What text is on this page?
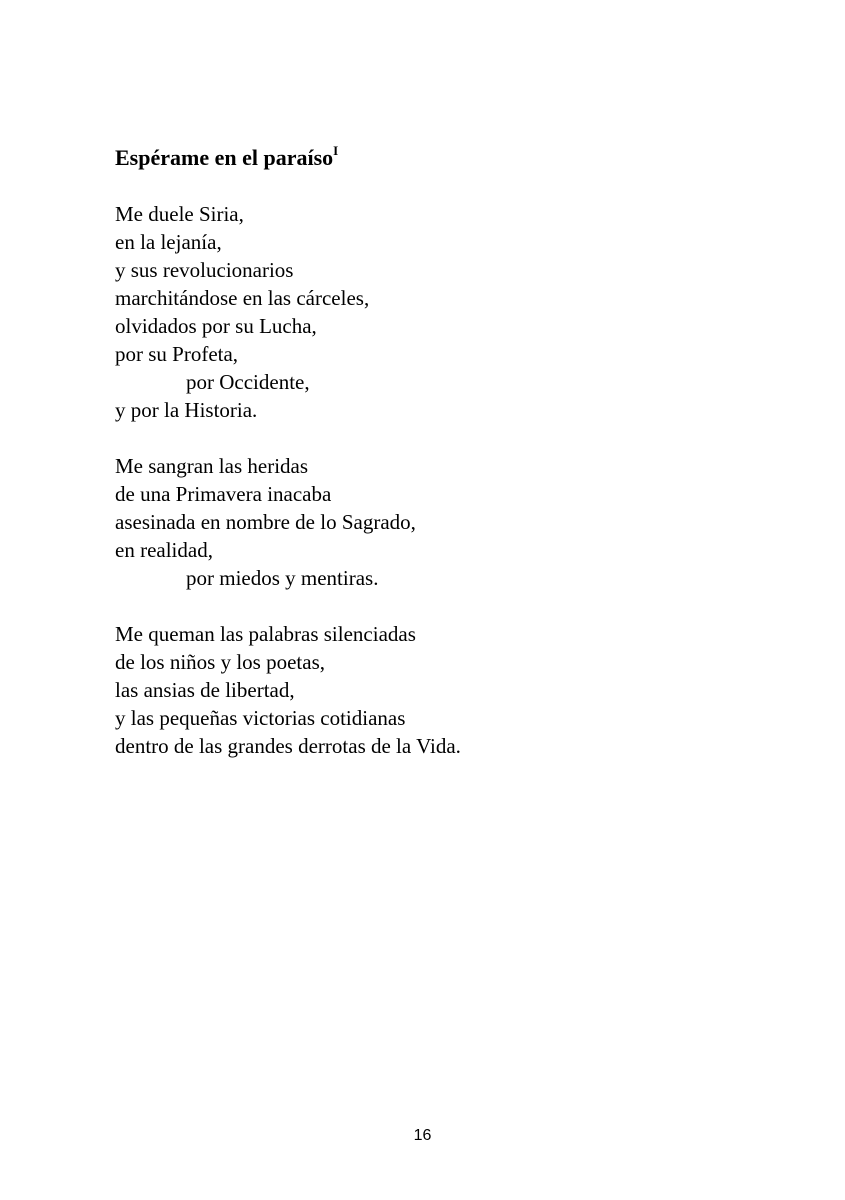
Espérame en el paraíso$^I$
Me duele Siria,
en la lejanía,
y sus revolucionarios
marchitándose en las cárceles,
olvidados por su Lucha,
por su Profeta,
por Occidente,
y por la Historia.
Me sangran las heridas
de una Primavera inacaba
asesinada en nombre de lo Sagrado,
en realidad,
por miedos y mentiras.
Me queman las palabras silenciadas
de los niños y los poetas,
las ansias de libertad,
y las pequeñas victorias cotidianas
dentro de las grandes derrotas de la Vida.
16
